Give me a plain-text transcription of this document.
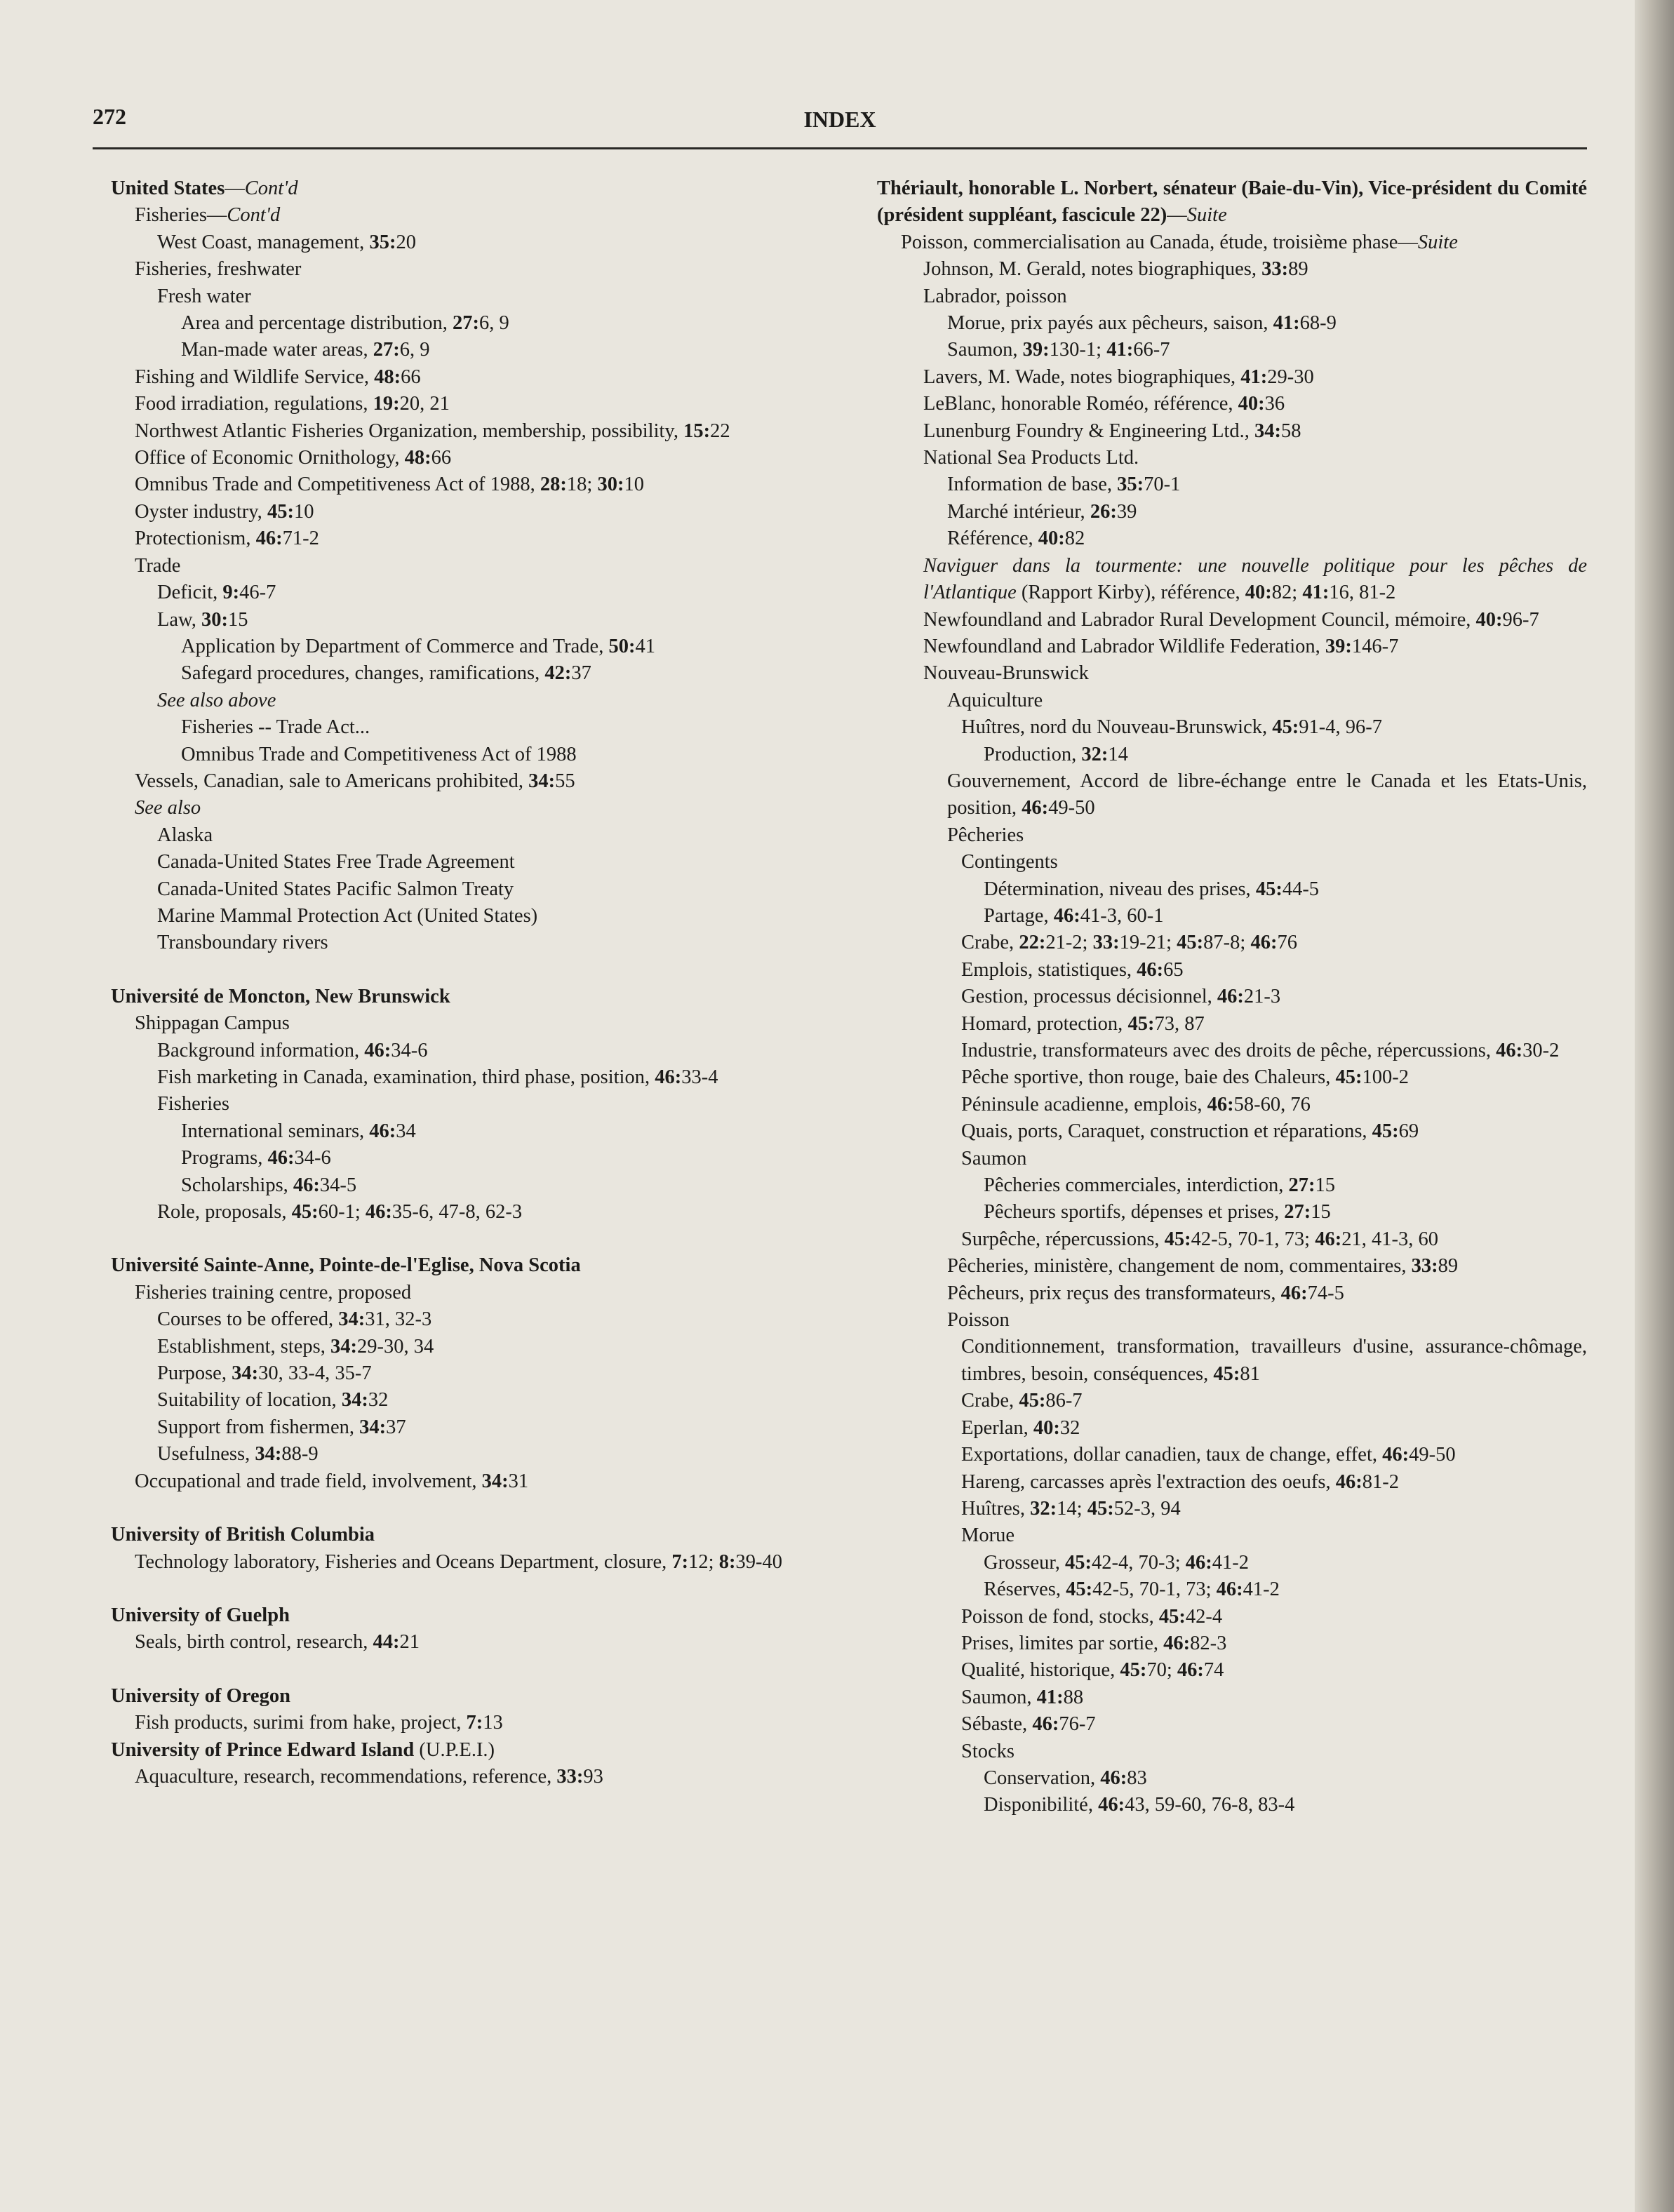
272	INDEX
United States—Cont'd
Fisheries—Cont'd
West Coast, management, 35:20
Fisheries, freshwater
Fresh water
Area and percentage distribution, 27:6, 9
Man-made water areas, 27:6, 9
Fishing and Wildlife Service, 48:66
Food irradiation, regulations, 19:20, 21
Northwest Atlantic Fisheries Organization, membership, possibility, 15:22
Office of Economic Ornithology, 48:66
Omnibus Trade and Competitiveness Act of 1988, 28:18; 30:10
Oyster industry, 45:10
Protectionism, 46:71-2
Trade
Deficit, 9:46-7
Law, 30:15
Application by Department of Commerce and Trade, 50:41
Safegard procedures, changes, ramifications, 42:37
See also above
Fisheries -- Trade Act...
Omnibus Trade and Competitiveness Act of 1988
Vessels, Canadian, sale to Americans prohibited, 34:55
See also
Alaska
Canada-United States Free Trade Agreement
Canada-United States Pacific Salmon Treaty
Marine Mammal Protection Act (United States)
Transboundary rivers
Université de Moncton, New Brunswick
Shippagan Campus
Background information, 46:34-6
Fish marketing in Canada, examination, third phase, position, 46:33-4
Fisheries
International seminars, 46:34
Programs, 46:34-6
Scholarships, 46:34-5
Role, proposals, 45:60-1; 46:35-6, 47-8, 62-3
Université Sainte-Anne, Pointe-de-l'Eglise, Nova Scotia
Fisheries training centre, proposed
Courses to be offered, 34:31, 32-3
Establishment, steps, 34:29-30, 34
Purpose, 34:30, 33-4, 35-7
Suitability of location, 34:32
Support from fishermen, 34:37
Usefulness, 34:88-9
Occupational and trade field, involvement, 34:31
University of British Columbia
Technology laboratory, Fisheries and Oceans Department, closure, 7:12; 8:39-40
University of Guelph
Seals, birth control, research, 44:21
University of Oregon
Fish products, surimi from hake, project, 7:13
University of Prince Edward Island (U.P.E.I.)
Aquaculture, research, recommendations, reference, 33:93
Thériault, honorable L. Norbert, sénateur (Baie-du-Vin), Vice-président du Comité (président suppléant, fascicule 22)—Suite
Poisson, commercialisation au Canada, étude, troisième phase—Suite
Johnson, M. Gerald, notes biographiques, 33:89
Labrador, poisson
Morue, prix payés aux pêcheurs, saison, 41:68-9
Saumon, 39:130-1; 41:66-7
Lavers, M. Wade, notes biographiques, 41:29-30
LeBlanc, honorable Roméo, référence, 40:36
Lunenburg Foundry & Engineering Ltd., 34:58
National Sea Products Ltd.
Information de base, 35:70-1
Marché intérieur, 26:39
Référence, 40:82
Naviguer dans la tourmente: une nouvelle politique pour les pêches de l'Atlantique (Rapport Kirby), référence, 40:82; 41:16, 81-2
Newfoundland and Labrador Rural Development Council, mémoire, 40:96-7
Newfoundland and Labrador Wildlife Federation, 39:146-7
Nouveau-Brunswick
Aquiculture
Huîtres, nord du Nouveau-Brunswick, 45:91-4, 96-7
Production, 32:14
Gouvernement, Accord de libre-échange entre le Canada et les Etats-Unis, position, 46:49-50
Pêcheries
Contingents
Détermination, niveau des prises, 45:44-5
Partage, 46:41-3, 60-1
Crabe, 22:21-2; 33:19-21; 45:87-8; 46:76
Emplois, statistiques, 46:65
Gestion, processus décisionnel, 46:21-3
Homard, protection, 45:73, 87
Industrie, transformateurs avec des droits de pêche, répercussions, 46:30-2
Pêche sportive, thon rouge, baie des Chaleurs, 45:100-2
Péninsule acadienne, emplois, 46:58-60, 76
Quais, ports, Caraquet, construction et réparations, 45:69
Saumon
Pêcheries commerciales, interdiction, 27:15
Pêcheurs sportifs, dépenses et prises, 27:15
Surpêche, répercussions, 45:42-5, 70-1, 73; 46:21, 41-3, 60
Pêcheries, ministère, changement de nom, commentaires, 33:89
Pêcheurs, prix reçus des transformateurs, 46:74-5
Poisson
Conditionnement, transformation, travailleurs d'usine, assurance-chômage, timbres, besoin, conséquences, 45:81
Crabe, 45:86-7
Eperlan, 40:32
Exportations, dollar canadien, taux de change, effet, 46:49-50
Hareng, carcasses après l'extraction des oeufs, 46:81-2
Huîtres, 32:14; 45:52-3, 94
Morue
Grosseur, 45:42-4, 70-3; 46:41-2
Réserves, 45:42-5, 70-1, 73; 46:41-2
Poisson de fond, stocks, 45:42-4
Prises, limites par sortie, 46:82-3
Qualité, historique, 45:70; 46:74
Saumon, 41:88
Sébaste, 46:76-7
Stocks
Conservation, 46:83
Disponibilité, 46:43, 59-60, 76-8, 83-4
